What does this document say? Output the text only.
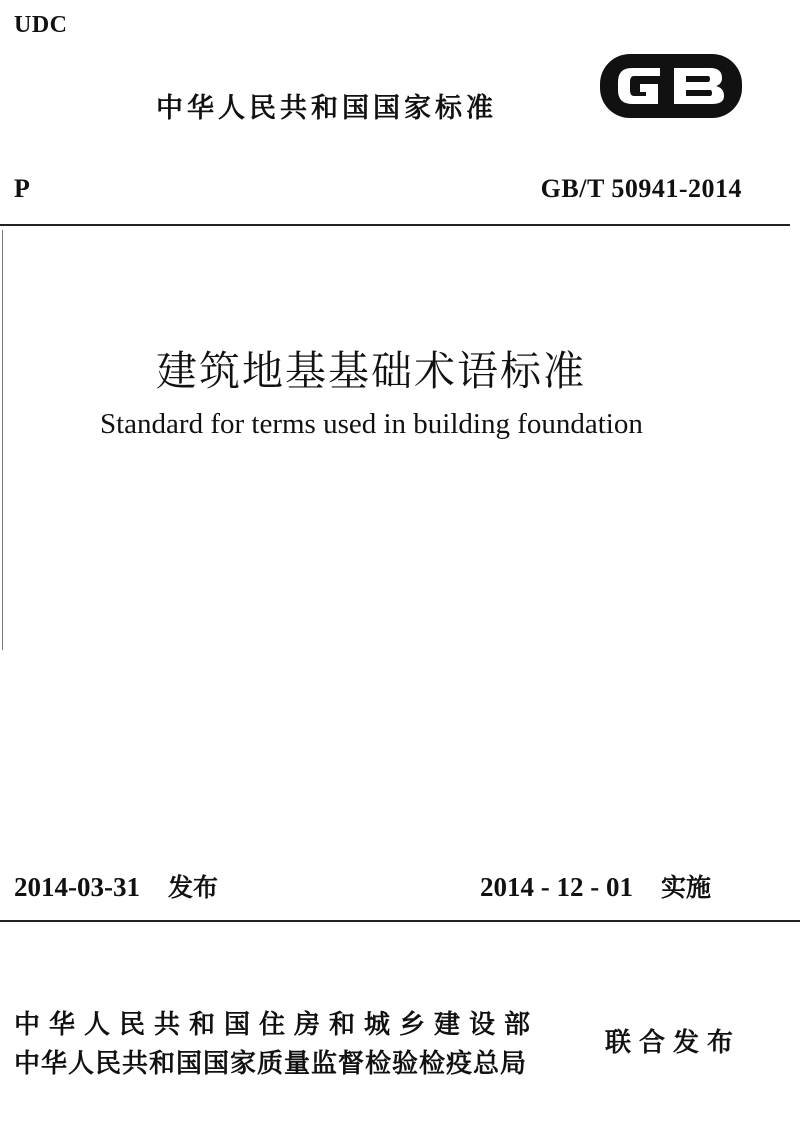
UDC
中华人民共和国国家标准
P	GB/T 50941-2014
建筑地基基础术语标准
Standard for terms used in building foundation
2014-03-31 发布	2014 - 12 - 01 实施
中华人民共和国住房和城乡建设部
中华人民共和国国家质量监督检验检疫总局
联合发布
